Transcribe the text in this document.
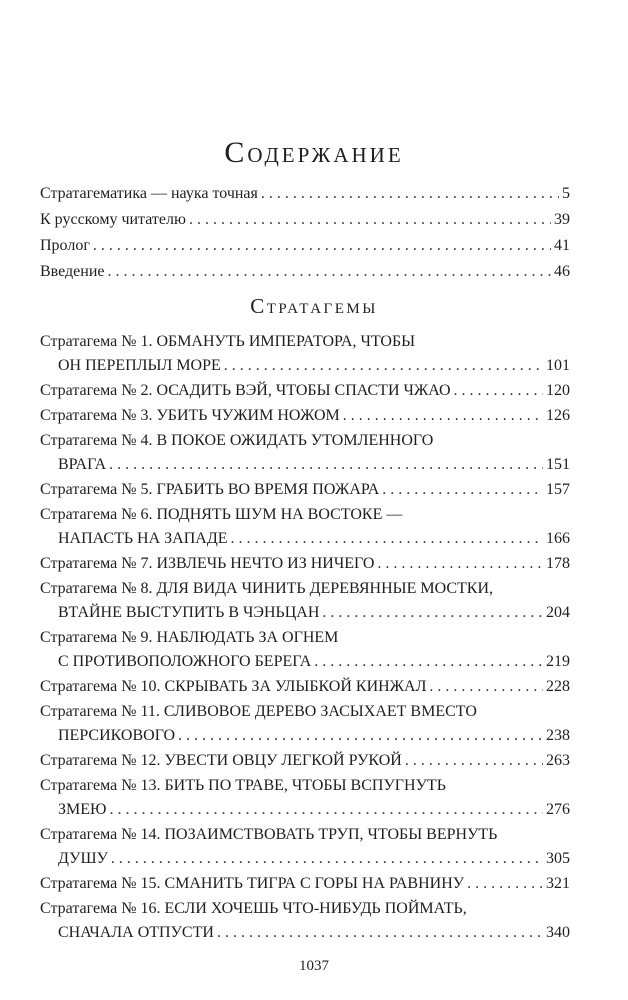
Содержание
Стратагематика — наука точная . . .	5
К русскому читателю . . .	39
Пролог . . .	41
Введение . . .	46
Стратагемы
Стратагема № 1. ОБМАНУТЬ ИМПЕРАТОРА, ЧТОБЫ
ОН ПЕРЕПЛЫЛ МОРЕ . . .	101
Стратагема № 2. ОСАДИТЬ ВЭЙ, ЧТОБЫ СПАСТИ ЧЖАО . . .	120
Стратагема № 3. УБИТЬ ЧУЖИМ НОЖОМ . . .	126
Стратагема № 4. В ПОКОЕ ОЖИДАТЬ УТОМЛЕННОГО
ВРАГА . . .	151
Стратагема № 5. ГРАБИТЬ ВО ВРЕМЯ ПОЖАРА . . .	157
Стратагема № 6. ПОДНЯТЬ ШУМ НА ВОСТОКЕ —
НАПАСТЬ НА ЗАПАДЕ . . .	166
Стратагема № 7. ИЗВЛЕЧЬ НЕЧТО ИЗ НИЧЕГО . . .	178
Стратагема № 8. ДЛЯ ВИДА ЧИНИТЬ ДЕРЕВЯННЫЕ МОСТКИ,
ВТАЙНЕ ВЫСТУПИТЬ В ЧЭНЬЦАН . . .	204
Стратагема № 9. НАБЛЮДАТЬ ЗА ОГНЕМ
С ПРОТИВОПОЛОЖНОГО БЕРЕГА . . .	219
Стратагема № 10. СКРЫВАТЬ ЗА УЛЫБКОЙ КИНЖАЛ . . .	228
Стратагема № 11. СЛИВОВОЕ ДЕРЕВО ЗАСЫХАЕТ ВМЕСТО
ПЕРСИКОВОГО . . .	238
Стратагема № 12. УВЕСТИ ОВЦУ ЛЕГКОЙ РУКОЙ . . .	263
Стратагема № 13. БИТЬ ПО ТРАВЕ, ЧТОБЫ ВСПУГНУТЬ
ЗМЕЮ . . .	276
Стратагема № 14. ПОЗАИМСТВОВАТЬ ТРУП, ЧТОБЫ ВЕРНУТЬ
ДУШУ . . .	305
Стратагема № 15. СМАНИТЬ ТИГРА С ГОРЫ НА РАВНИНУ . . .	321
Стратагема № 16. ЕСЛИ ХОЧЕШЬ ЧТО-НИБУДЬ ПОЙМАТЬ,
СНАЧАЛА ОТПУСТИ . . .	340
1037
